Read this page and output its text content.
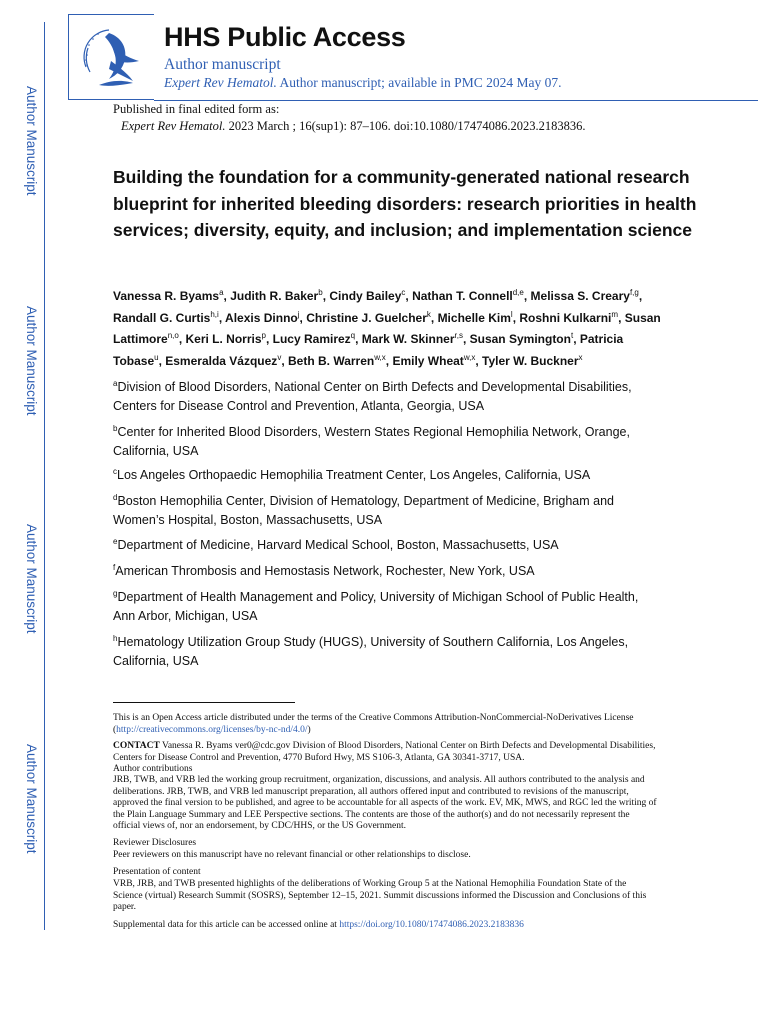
Author Manuscript
Author Manuscript
Author Manuscript
Author Manuscript
HHS Public Access
Author manuscript
Expert Rev Hematol. Author manuscript; available in PMC 2024 May 07.
Published in final edited form as:
Expert Rev Hematol. 2023 March ; 16(sup1): 87–106. doi:10.1080/17474086.2023.2183836.
Building the foundation for a community-generated national research blueprint for inherited bleeding disorders: research priorities in health services; diversity, equity, and inclusion; and implementation science
Vanessa R. Byams$^a$, Judith R. Baker$^b$, Cindy Bailey$^c$, Nathan T. Connell$^{d,e}$, Melissa S. Creary$^{f,g}$, Randall G. Curtis$^{h,i}$, Alexis Dinno$^j$, Christine J. Guelcher$^k$, Michelle Kim$^l$, Roshni Kulkarni$^m$, Susan Lattimore$^{n,o}$, Keri L. Norris$^p$, Lucy Ramirez$^q$, Mark W. Skinner$^{r,s}$, Susan Symington$^t$, Patricia Tobase$^u$, Esmeralda Vázquez$^v$, Beth B. Warren$^{w,x}$, Emily Wheat$^{w,x}$, Tyler W. Buckner$^x$
$^a$Division of Blood Disorders, National Center on Birth Defects and Developmental Disabilities, Centers for Disease Control and Prevention, Atlanta, Georgia, USA
$^b$Center for Inherited Blood Disorders, Western States Regional Hemophilia Network, Orange, California, USA
$^c$Los Angeles Orthopaedic Hemophilia Treatment Center, Los Angeles, California, USA
$^d$Boston Hemophilia Center, Division of Hematology, Department of Medicine, Brigham and Women’s Hospital, Boston, Massachusetts, USA
$^e$Department of Medicine, Harvard Medical School, Boston, Massachusetts, USA
$^f$American Thrombosis and Hemostasis Network, Rochester, New York, USA
$^g$Department of Health Management and Policy, University of Michigan School of Public Health, Ann Arbor, Michigan, USA
$^h$Hematology Utilization Group Study (HUGS), University of Southern California, Los Angeles, California, USA
This is an Open Access article distributed under the terms of the Creative Commons Attribution-NonCommercial-NoDerivatives License (http://creativecommons.org/licenses/by-nc-nd/4.0/)
CONTACT Vanessa R. Byams ver0@cdc.gov Division of Blood Disorders, National Center on Birth Defects and Developmental Disabilities, Centers for Disease Control and Prevention, 4770 Buford Hwy, MS S106-3, Atlanta, GA 30341-3717, USA.
Author contributions
JRB, TWB, and VRB led the working group recruitment, organization, discussions, and analysis. All authors contributed to the analysis and deliberations. JRB, TWB, and VRB led manuscript preparation, all authors offered input and contributed to revisions of the manuscript, approved the final version to be published, and agree to be accountable for all aspects of the work. EV, MK, MWS, and RGC led the writing of the Plain Language Summary and LEE Perspective sections. The contents are those of the author(s) and do not necessarily represent the official views of, nor an endorsement, by CDC/HHS, or the US Government.
Reviewer Disclosures
Peer reviewers on this manuscript have no relevant financial or other relationships to disclose.
Presentation of content
VRB, JRB, and TWB presented highlights of the deliberations of Working Group 5 at the National Hemophilia Foundation State of the Science (virtual) Research Summit (SOSRS), September 12–15, 2021. Summit discussions informed the Discussion and Conclusions of this paper.
Supplemental data for this article can be accessed online at https://doi.org/10.1080/17474086.2023.2183836
